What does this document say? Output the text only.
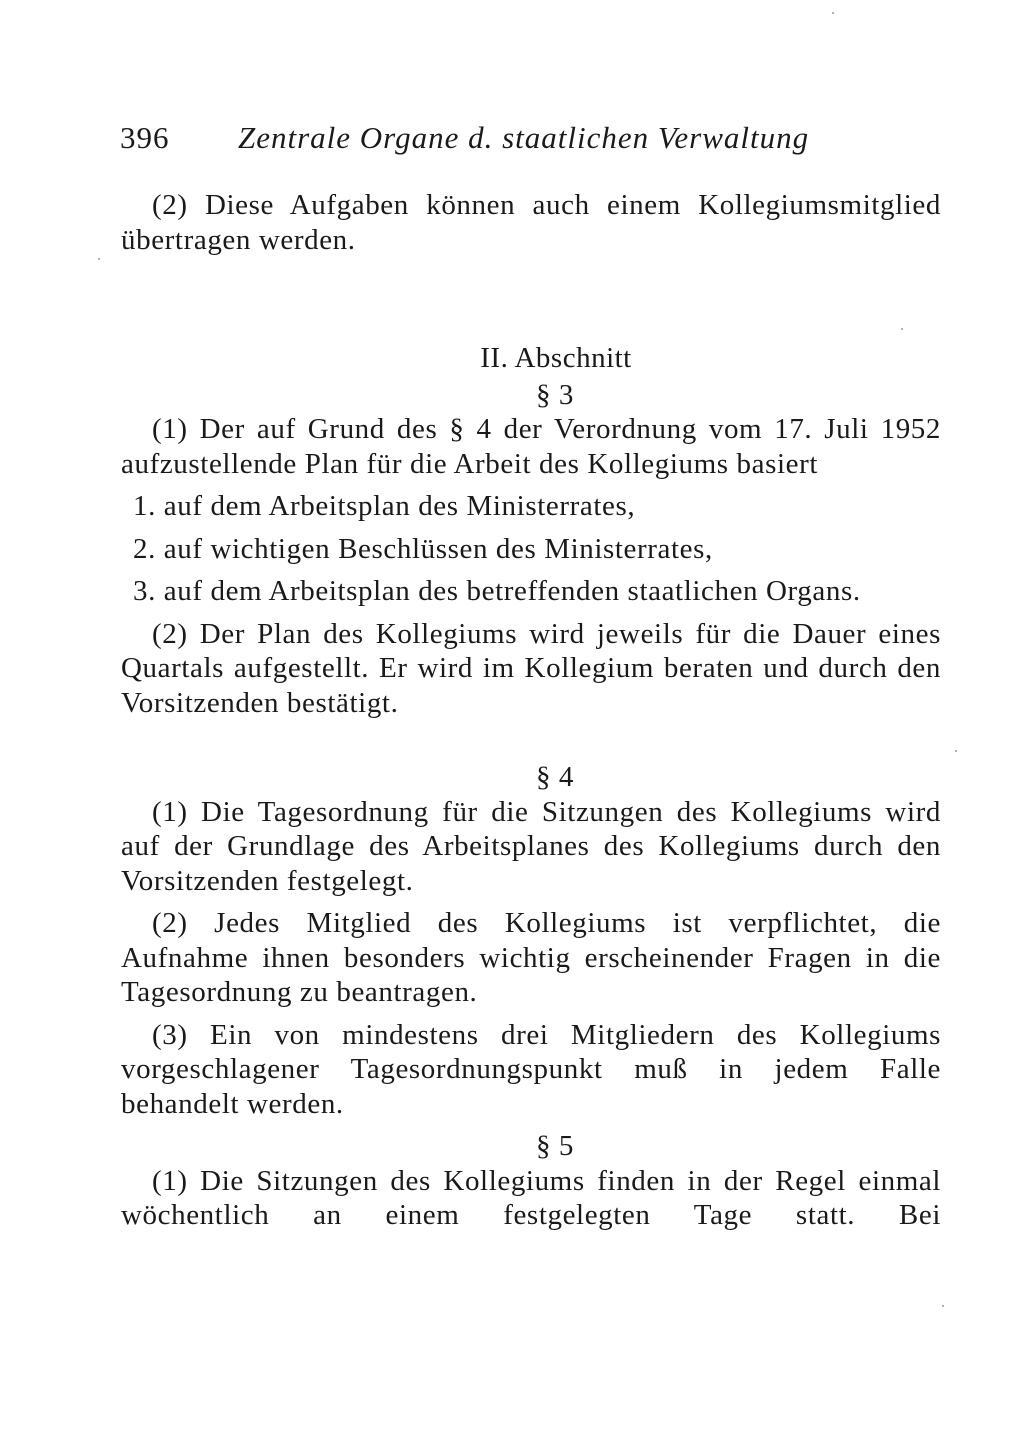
396 Zentrale Organe d. staatlichen Verwaltung

(2) Diese Aufgaben können auch einem Kollegiumsmitglied übertragen werden.

II. Abschnitt
§ 3

(1) Der auf Grund des § 4 der Verordnung vom 17. Juli 1952 aufzustellende Plan für die Arbeit des Kollegiums basiert

1. auf dem Arbeitsplan des Ministerrates,

2. auf wichtigen Beschlüssen des Ministerrates,

3. auf dem Arbeitsplan des betreffenden staatlichen Organs.

(2) Der Plan des Kollegiums wird jeweils für die Dauer eines Quartals aufgestellt. Er wird im Kollegium beraten und durch den Vorsitzenden bestätigt.

§ 4

(1) Die Tagesordnung für die Sitzungen des Kollegiums wird auf der Grundlage des Arbeitsplanes des Kollegiums durch den Vorsitzenden festgelegt.

(2) Jedes Mitglied des Kollegiums ist verpflichtet, die Aufnahme ihnen besonders wichtig erscheinender Fragen in die Tagesordnung zu beantragen.

(3) Ein von mindestens drei Mitgliedern des Kollegiums vorgeschlagener Tagesordnungspunkt muß in jedem Falle behandelt werden.

§ 5

(1) Die Sitzungen des Kollegiums finden in der Regel einmal wöchentlich an einem festgelegten Tage statt. Bei
